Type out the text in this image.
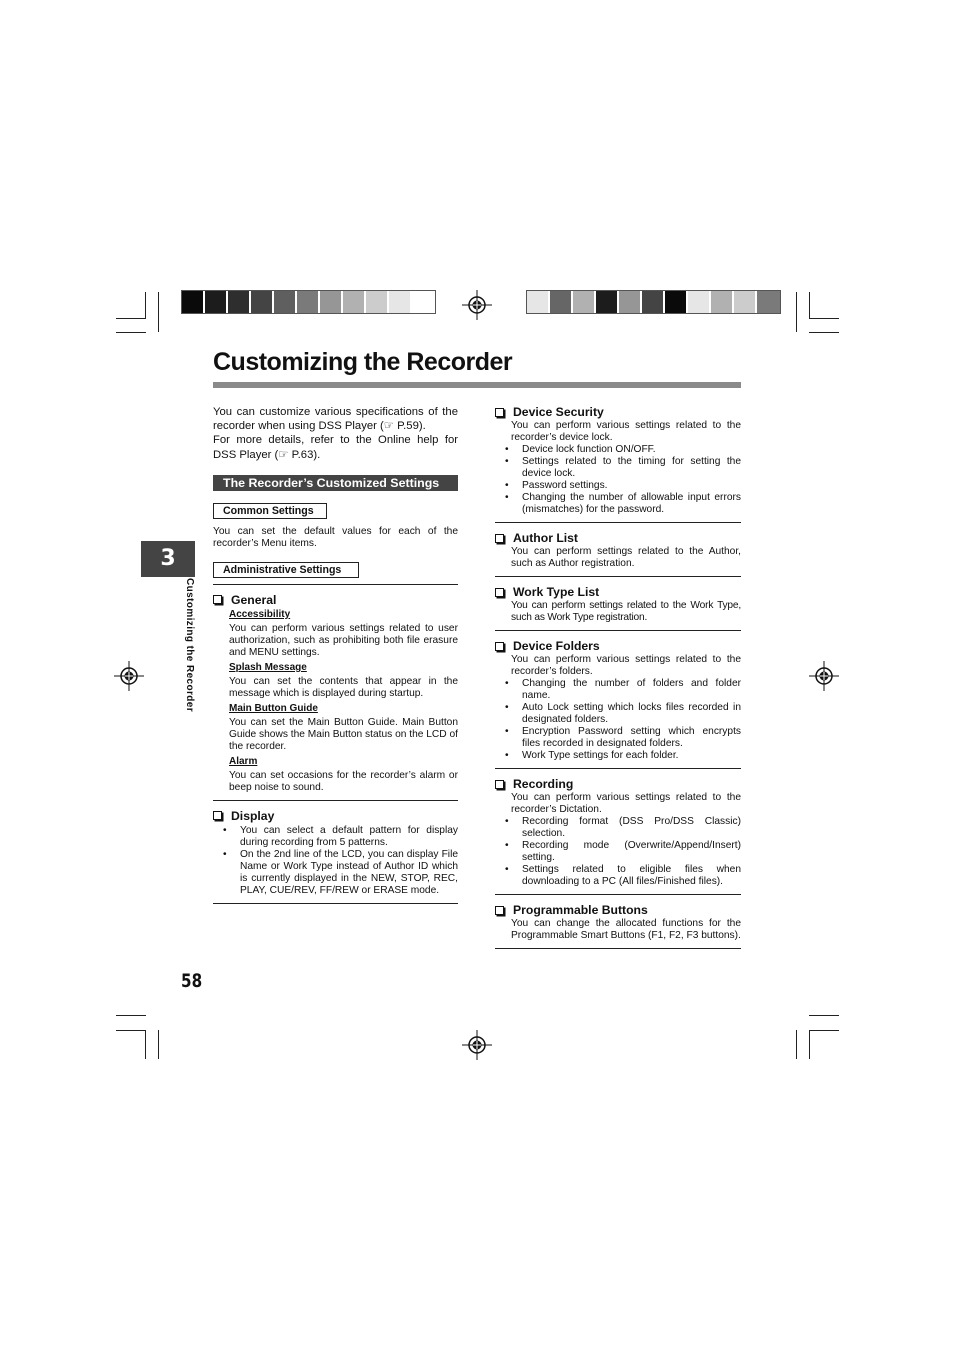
Customizing the Recorder
3
Customizing the Recorder
58
You can customize various specifications of the recorder when using DSS Player (☞ P.59).
For more details, refer to the Online help for DSS Player (☞ P.63).
The Recorder’s Customized Settings
Common Settings
You can set the default values for each of the recorder’s Menu items.
Administrative Settings
General
Accessibility
You can perform various settings related to user authorization, such as prohibiting both file erasure and MENU settings.
Splash Message
You can set the contents that appear in the message which is displayed during startup.
Main Button Guide
You can set the Main Button Guide. Main Button Guide shows the Main Button status on the LCD of the recorder.
Alarm
You can set occasions for the recorder’s alarm or beep noise to sound.
Display
• You can select a default pattern for display during recording from 5 patterns.
• On the 2nd line of the LCD, you can display File Name or Work Type instead of Author ID which is currently displayed in the NEW, STOP, REC, PLAY, CUE/REV, FF/REW or ERASE mode.
Device Security
You can perform various settings related to the recorder’s device lock.
• Device lock function ON/OFF.
• Settings related to the timing for setting the device lock.
• Password settings.
• Changing the number of allowable input errors (mismatches) for the password.
Author List
You can perform settings related to the Author, such as Author registration.
Work Type List
You can perform settings related to the Work Type, such as Work Type registration.
Device Folders
You can perform various settings related to the recorder’s folders.
• Changing the number of folders and folder name.
• Auto Lock setting which locks files recorded in designated folders.
• Encryption Password setting which encrypts files recorded in designated folders.
• Work Type settings for each folder.
Recording
You can perform various settings related to the recorder’s Dictation.
• Recording format (DSS Pro/DSS Classic) selection.
• Recording mode (Overwrite/Append/Insert) setting.
• Settings related to eligible files when downloading to a PC (All files/Finished files).
Programmable Buttons
You can change the allocated functions for the Programmable Smart Buttons (F1, F2, F3 buttons).
